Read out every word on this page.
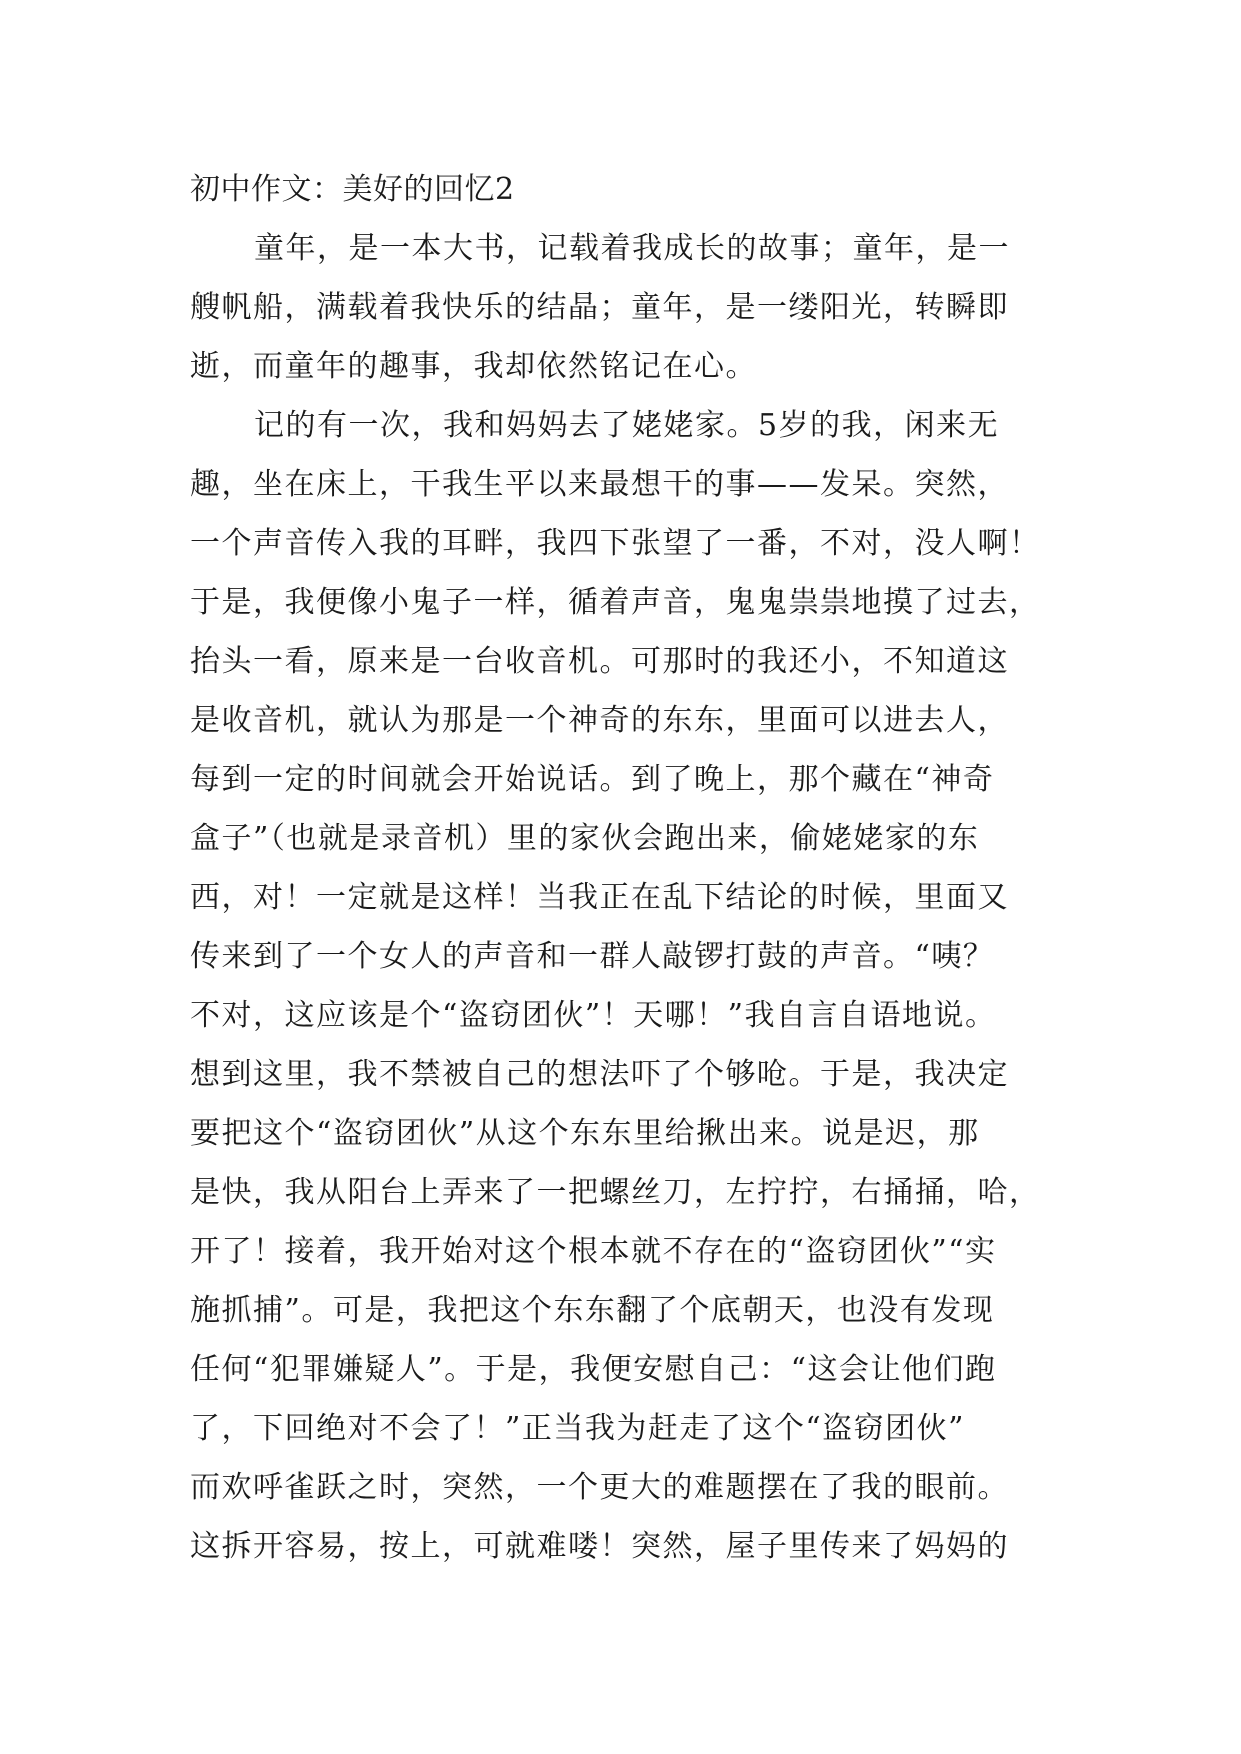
初中作文：美好的回忆2
童年，是一本大书，记载着我成长的故事；童年，是一
艘帆船，满载着我快乐的结晶；童年，是一缕阳光，转瞬即
逝，而童年的趣事，我却依然铭记在心。
记的有一次，我和妈妈去了姥姥家。5岁的我，闲来无
趣，坐在床上，干我生平以来最想干的事——发呆。突然，
一个声音传入我的耳畔，我四下张望了一番，不对，没人啊！
于是，我便像小鬼子一样，循着声音，鬼鬼祟祟地摸了过去，
抬头一看，原来是一台收音机。可那时的我还小，不知道这
是收音机，就认为那是一个神奇的东东，里面可以进去人，
每到一定的时间就会开始说话。到了晚上，那个藏在“神奇
盒子”（也就是录音机）里的家伙会跑出来，偷姥姥家的东
西，对！一定就是这样！当我正在乱下结论的时候，里面又
传来到了一个女人的声音和一群人敲锣打鼓的声音。“咦？
不对，这应该是个“盗窃团伙”！天哪！”我自言自语地说。
想到这里，我不禁被自己的想法吓了个够呛。于是，我决定
要把这个“盗窃团伙”从这个东东里给揪出来。说是迟，那
是快，我从阳台上弄来了一把螺丝刀，左拧拧，右捅捅，哈，
开了！接着，我开始对这个根本就不存在的“盗窃团伙”“实
施抓捕”。可是，我把这个东东翻了个底朝天，也没有发现
任何“犯罪嫌疑人”。于是，我便安慰自己：“这会让他们跑
了，下回绝对不会了！”正当我为赶走了这个“盗窃团伙”
而欢呼雀跃之时，突然，一个更大的难题摆在了我的眼前。
这拆开容易，按上，可就难喽！突然，屋子里传来了妈妈的
